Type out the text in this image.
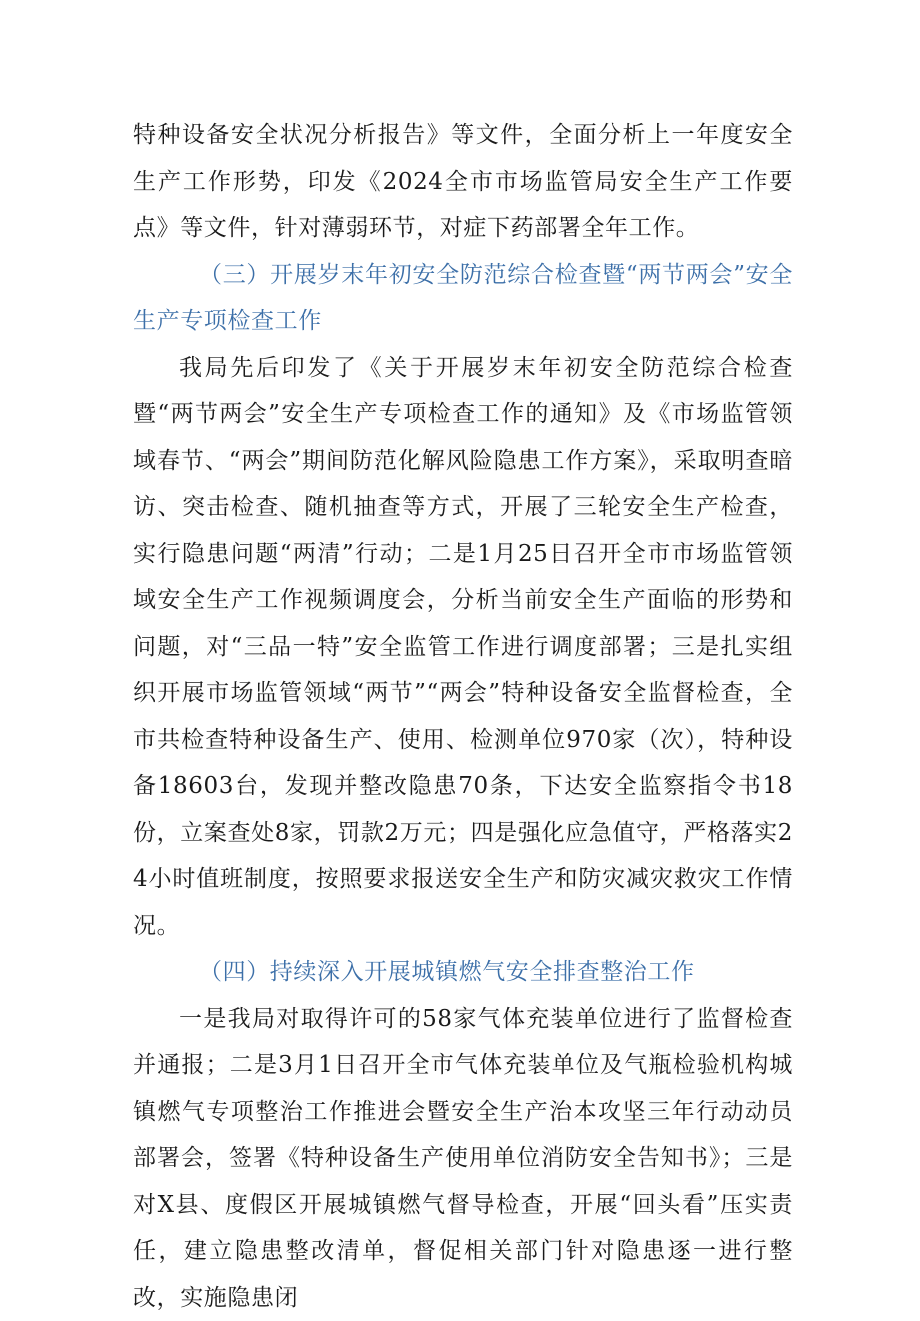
特种设备安全状况分析报告》等文件，全面分析上一年度安全生产工作形势，印发《2024全市市场监管局安全生产工作要点》等文件，针对薄弱环节，对症下药部署全年工作。

（三）开展岁末年初安全防范综合检查暨“两节两会”安全生产专项检查工作

我局先后印发了《关于开展岁末年初安全防范综合检查暨“两节两会”安全生产专项检查工作的通知》及《市场监管领域春节、“两会”期间防范化解风险隐患工作方案》，采取明查暗访、突击检查、随机抽查等方式，开展了三轮安全生产检查，实行隐患问题“两清”行动；二是1月25日召开全市市场监管领域安全生产工作视频调度会，分析当前安全生产面临的形势和问题，对“三品一特”安全监管工作进行调度部署；三是扎实组织开展市场监管领域“两节”“两会”特种设备安全监督检查，全市共检查特种设备生产、使用、检测单位970家（次），特种设备18603台，发现并整改隐患70条，下达安全监察指令书18份，立案查处8家，罚款2万元；四是强化应急值守，严格落实24小时值班制度，按照要求报送安全生产和防灾减灾救灾工作情况。

（四）持续深入开展城镇燃气安全排查整治工作

一是我局对取得许可的58家气体充装单位进行了监督检查并通报；二是3月1日召开全市气体充装单位及气瓶检验机构城镇燃气专项整治工作推进会暨安全生产治本攻坚三年行动动员部署会，签署《特种设备生产使用单位消防安全告知书》；三是对X县、度假区开展城镇燃气督导检查，开展“回头看”压实责任，建立隐患整改清单，督促相关部门针对隐患逐一进行整改，实施隐患闭
